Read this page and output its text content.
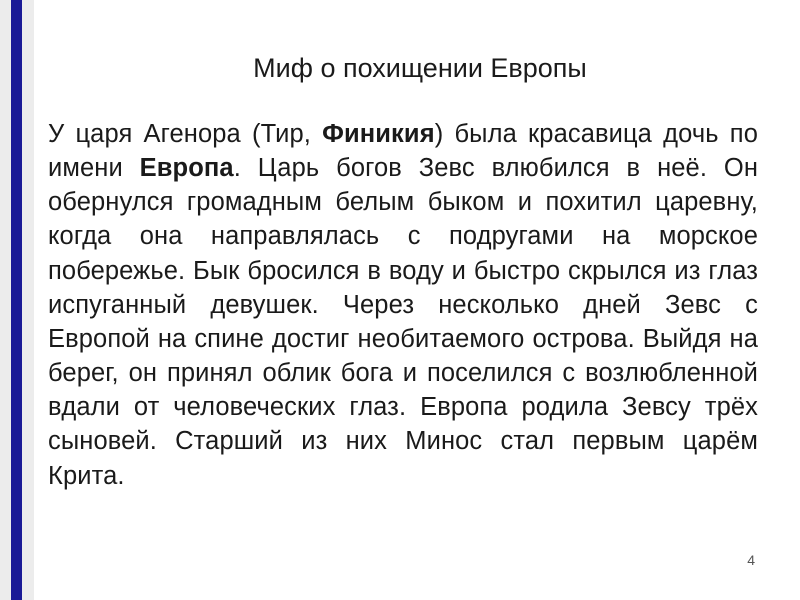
Миф о похищении Европы

У царя Агенора (Тир, Финикия) была красавица дочь по имени Европа. Царь богов Зевс влюбился в неё. Он обернулся громадным белым быком и похитил царевну, когда она направлялась с подругами на морское побережье. Бык бросился в воду и быстро скрылся из глаз испуганный девушек. Через несколько дней Зевс с Европой на спине достиг необитаемого острова. Выйдя на берег, он принял облик бога и поселился с возлюбленной вдали от человеческих глаз. Европа родила Зевсу трёх сыновей. Старший из них Минос стал первым царём Крита.

4
